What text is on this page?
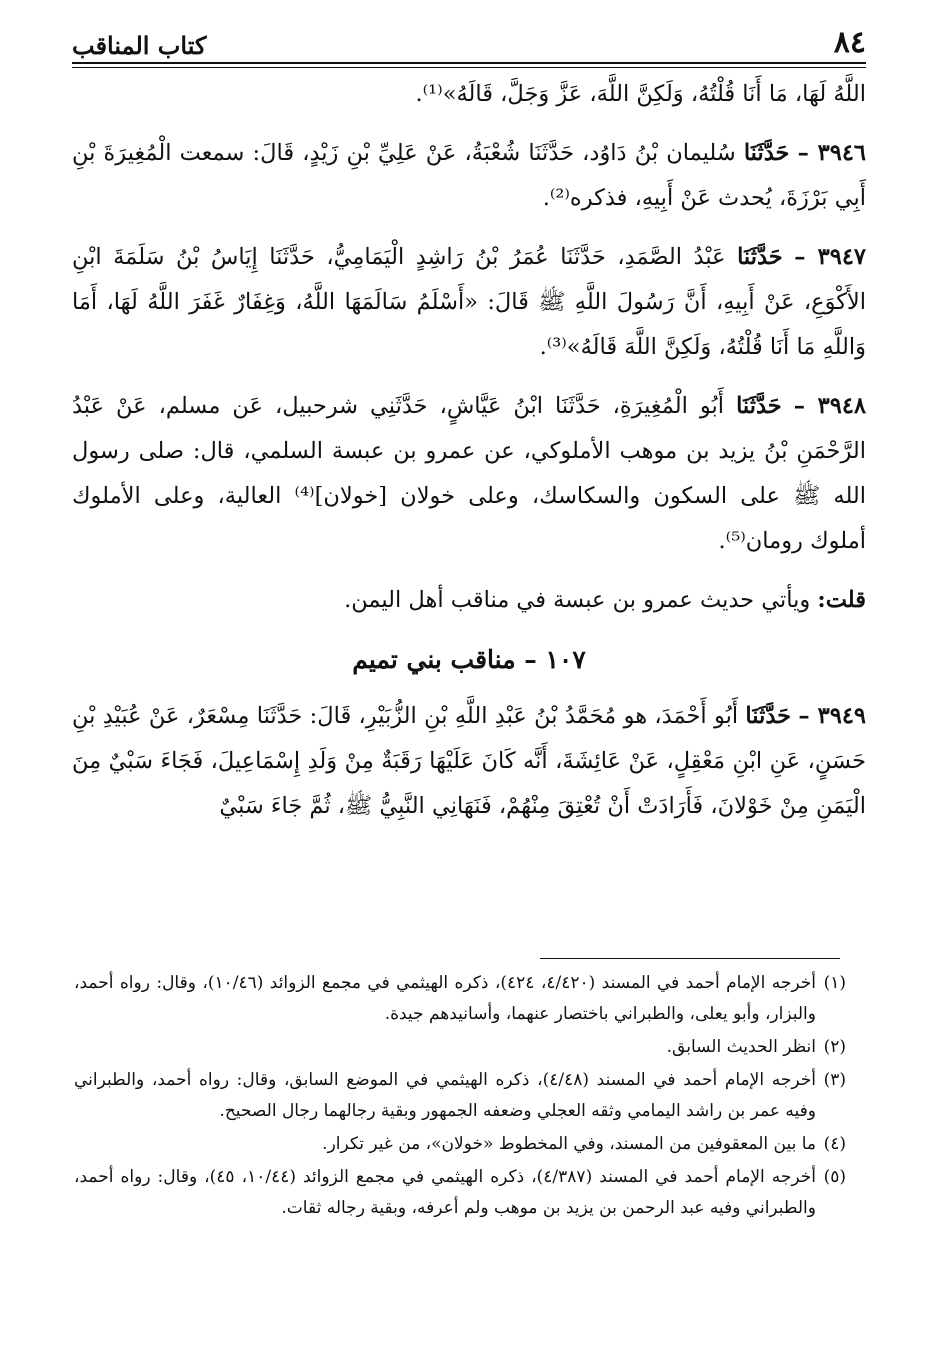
٨٤
كتاب المناقب

اللَّهُ لَهَا، مَا أَنَا قُلْتُهُ، وَلَكِنَّ اللَّهَ، عَزَّ وَجَلَّ، قَالَهُ»⁽¹⁾.

٣٩٤٦ – حَدَّثَنَا سُليمان بْنُ دَاوُد، حَدَّثَنَا شُعْبَةُ، عَنْ عَلِيِّ بْنِ زَيْدٍ، قَالَ: سمعت الْمُغِيرَةَ بْنِ أَبِي بَرْزَةَ، يُحدث عَنْ أَبِيهِ، فذكره⁽²⁾.

٣٩٤٧ – حَدَّثَنَا عَبْدُ الصَّمَدِ، حَدَّثَنَا عُمَرُ بْنُ رَاشِدٍ الْيَمَامِيُّ، حَدَّثَنَا إِيَاسُ بْنُ سَلَمَةَ ابْنِ الأَكْوَعِ، عَنْ أَبِيهِ، أَنَّ رَسُولَ اللَّهِ ﷺ قَالَ: «أَسْلَمُ سَالَمَهَا اللَّهُ، وَغِفَارٌ غَفَرَ اللَّهُ لَهَا، أَمَا وَاللَّهِ مَا أَنَا قُلْتُهُ، وَلَكِنَّ اللَّهَ قَالَهُ»⁽³⁾.

٣٩٤٨ – حَدَّثَنَا أَبُو الْمُغِيرَةِ، حَدَّثَنَا ابْنُ عَيَّاشٍ، حَدَّثَنِي شرحبيل، عَن مسلم، عَنْ عَبْدُ الرَّحْمَنِ بْنُ يزيد بن موهب الأملوكي، عن عمرو بن عبسة السلمي، قال: صلى رسول الله ﷺ على السكون والسكاسك، وعلى خولان [خولان]⁽⁴⁾ العالية، وعلى الأملوك أملوك رومان⁽⁵⁾.

قلت: ويأتي حديث عمرو بن عبسة في مناقب أهل اليمن.

١٠٧ – مناقب بني تميم

٣٩٤٩ – حَدَّثَنَا أَبُو أَحْمَدَ، هو مُحَمَّدُ بْنُ عَبْدِ اللَّهِ بْنِ الزُّبَيْرِ، قَالَ: حَدَّثَنَا مِسْعَرٌ، عَنْ عُبَيْدِ بْنِ حَسَنٍ، عَنِ ابْنِ مَعْقِلٍ، عَنْ عَائِشَةَ، أَنَّه كَانَ عَلَيْهَا رَقَبَةٌ مِنْ وَلَدِ إِسْمَاعِيلَ، فَجَاءَ سَبْيٌ مِنَ الْيَمَنِ مِنْ خَوْلانَ، فَأَرَادَتْ أَنْ تُعْتِقَ مِنْهُمْ، فَنَهَانِي النَّبِيُّ ﷺ، ثُمَّ جَاءَ سَبْيٌ

(١)أخرجه الإمام أحمد في المسند (٤/٤٢٠، ٤٢٤)، ذكره الهيثمي في مجمع الزوائد (١٠/٤٦)، وقال: رواه أحمد، والبزار، وأبو يعلى، والطبراني باختصار عنهما، وأسانيدهم جيدة.

(٢)انظر الحديث السابق.

(٣)أخرجه الإمام أحمد في المسند (٤/٤٨)، ذكره الهيثمي في الموضع السابق، وقال: رواه أحمد، والطبراني وفيه عمر بن راشد اليمامي وثقه العجلي وضعفه الجمهور وبقية رجالهما رجال الصحيح.

(٤)ما بين المعقوفين من المسند، وفي المخطوط «خولان»، من غير تكرار.

(٥)أخرجه الإمام أحمد في المسند (٤/٣٨٧)، ذكره الهيثمي في مجمع الزوائد (١٠/٤٤، ٤٥)، وقال: رواه أحمد، والطبراني وفيه عبد الرحمن بن يزيد بن موهب ولم أعرفه، وبقية رجاله ثقات.
